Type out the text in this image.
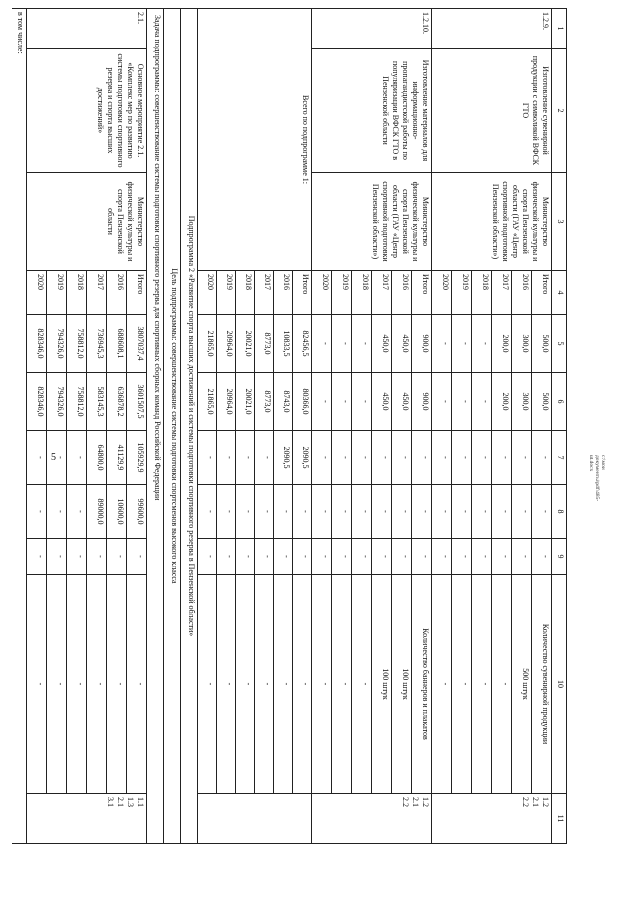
5	c:\мои документы\pdf\485-ut.docx
1	2	3	4	5	6	7	8	9	10	11
1.2.9.	Изготовление сувенирной продукции с символикой ВФСК ГТО	Министерство физической культуры и спорта Пензенской области (ГАУ «Центр спортивной подготовки Пензенской области»)	Итого	500,0	500,0	-	-	-	Количество сувенирной продукции	1.2
2.1
2.2
			2016	300,0	300,0	-	-	-	500 штук	
			2017	200,0	200,0	-	-	-	-	
			2018	-	-	-	-	-	-	
			2019	-	-	-	-	-	-	
			2020	-	-	-	-	-	-	
1.2.10.	Изготовление материалов для информационно-пропагандистской работы по популяризации ВФСК ГТО в Пензенской области	Министерство физической культуры и спорта Пензенской области (ГАУ «Центр спортивной подготовки Пензенской области»)	Итого	900,0	900,0	-	-	-	Количество баннеров и плакатов	1.2
2.1
2.2
			2016	450,0	450,0	-	-	-	100 штук	
			2017	450,0	450,0	-	-	-	100 штук	
			2018	-	-	-	-	-	-	
			2019	-	-	-	-	-	-	
			2020	-	-	-	-	-	-	
Всего по подпрограмме 1:			Итого	82456,5	80366,0	2090,5	-	-	-	
			2016	10833,5	8743,0	2090,5	-	-	-	
			2017	8773,0	8773,0	-	-	-	-	
			2018	20021,0	20021,0	-	-	-	-	
			2019	20964,0	20964,0	-	-	-	-	
			2020	21865,0	21865,0	-	-	-	-	
Подпрограмма 2 «Развитие спорта высших достижений и системы подготовки спортивного резерва в Пензенской области»										
Цель подпрограммы: совершенствование системы подготовки спортсменов высокого класса										
Задача подпрограммы: совершенствование системы подготовки спортивного резерва для спортивных сборных команд Российской Федерации										
2.1.	Основное мероприятие 2.1. «Комплекс мер по развитию системы подготовки спортивного резерва и спорта высших достижений»	Министерство физической культуры и спорта Пензенской области	Итого	3807037,4	3601507,5	105929,9	99600,0	-	-	1.1
1.3
2.1
3.1
			2016	688608,1	636878,2	41129,9	10600,0	-	-	
			2017	736945,3	583145,3	64800,0	89000,0	-	-	
			2018	758812,0	758812,0	-	-	-	-	
			2019	794326,0	794326,0	-	-	-	-	
			2020	828346,0	828346,0	-	-	-	-	
в том числе:										
